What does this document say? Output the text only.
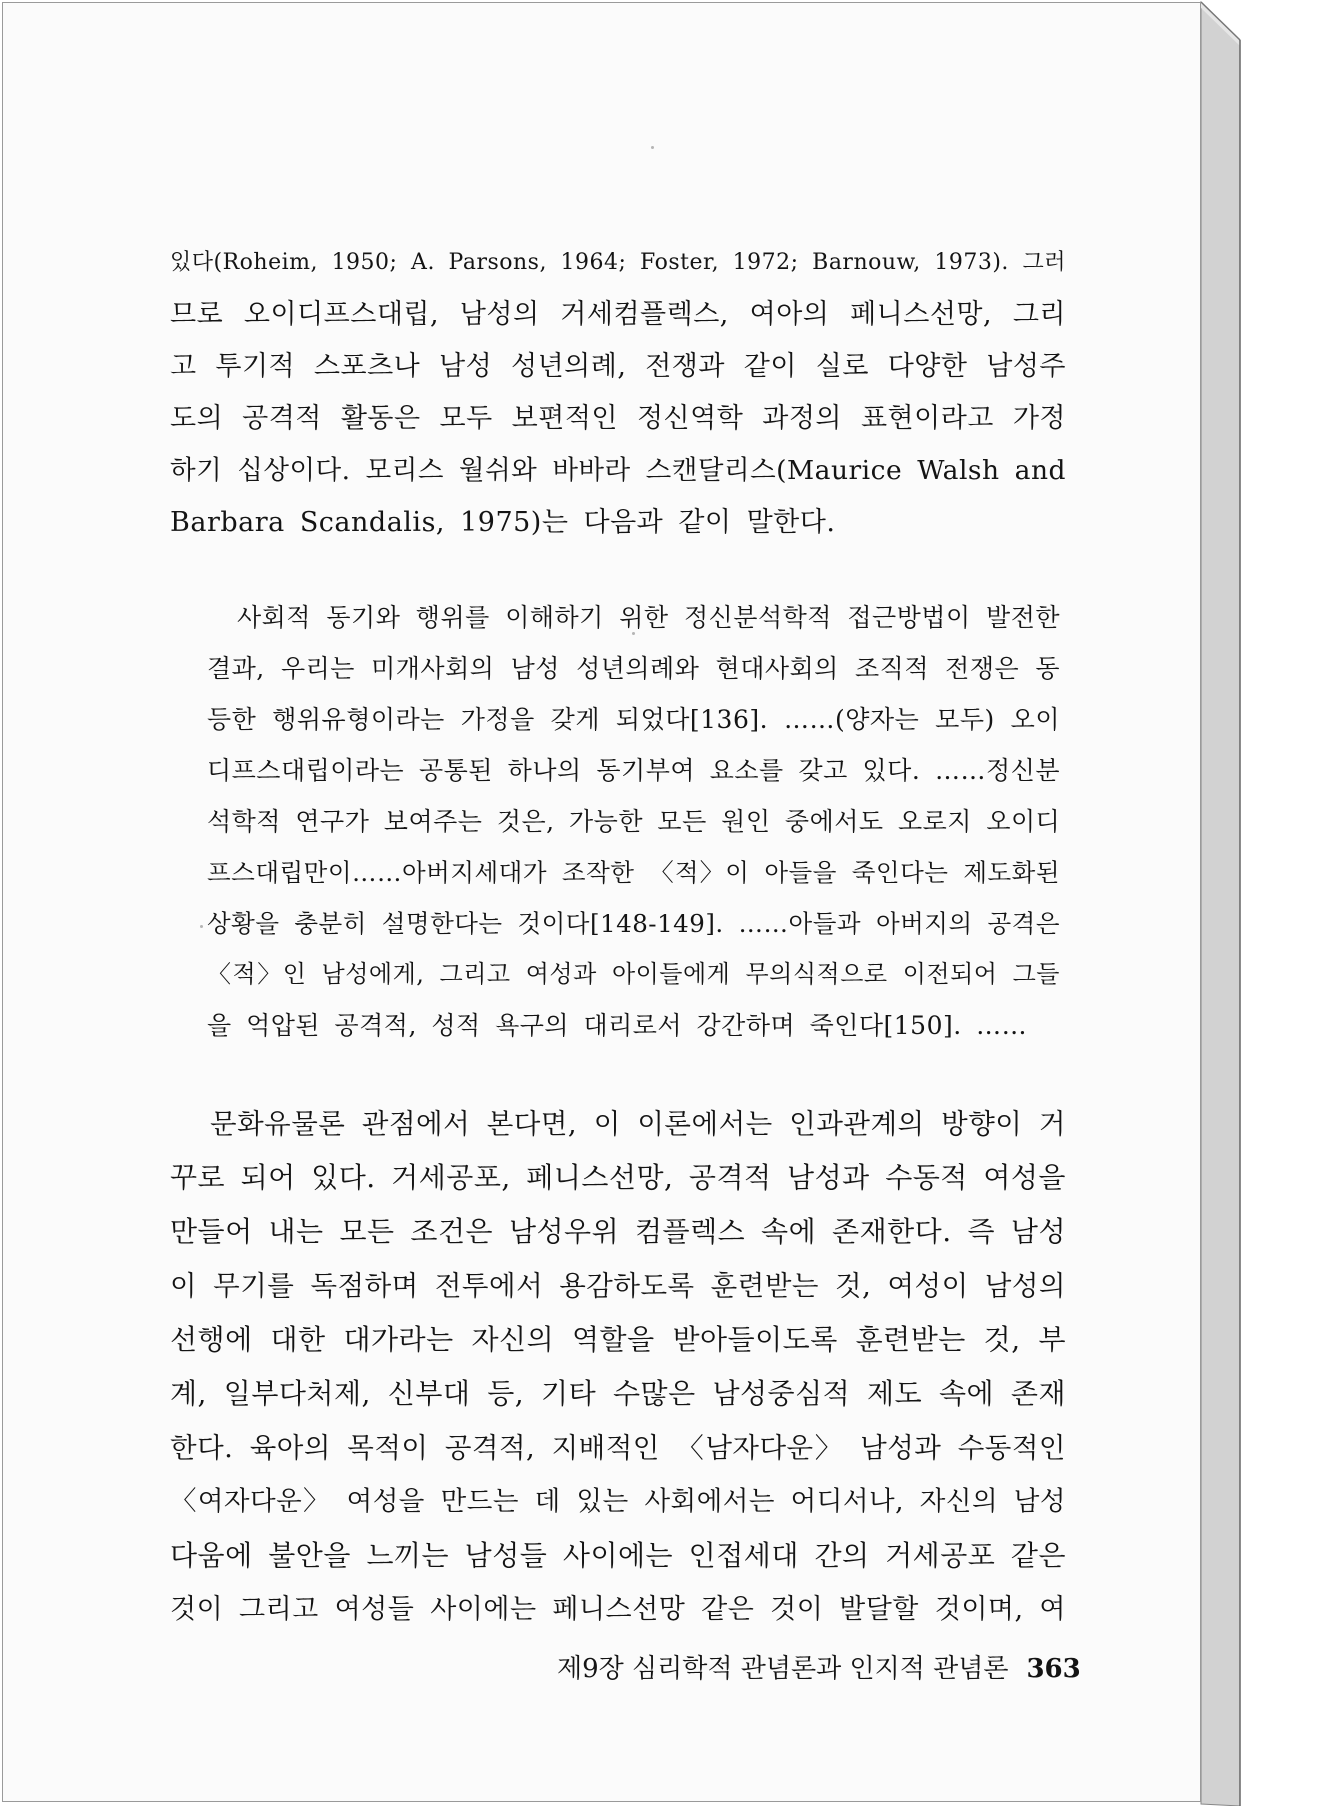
있다(Roheim, 1950; A. Parsons, 1964; Foster, 1972; Barnouw, 1973). 그러
므로 오이디프스대립, 남성의 거세컴플렉스, 여아의 페니스선망, 그리
고 투기적 스포츠나 남성 성년의례, 전쟁과 같이 실로 다양한 남성주
도의 공격적 활동은 모두 보편적인 정신역학 과정의 표현이라고 가정
하기 십상이다. 모리스 월쉬와 바바라 스캔달리스(Maurice Walsh and
Barbara Scandalis, 1975)는 다음과 같이 말한다.
사회적 동기와 행위를 이해하기 위한 정신분석학적 접근방법이 발전한
결과, 우리는 미개사회의 남성 성년의례와 현대사회의 조직적 전쟁은 동
등한 행위유형이라는 가정을 갖게 되었다[136]. ……(양자는 모두) 오이
디프스대립이라는 공통된 하나의 동기부여 요소를 갖고 있다. ……정신분
석학적 연구가 보여주는 것은, 가능한 모든 원인 중에서도 오로지 오이디
프스대립만이……아버지세대가 조작한 〈적〉이 아들을 죽인다는 제도화된
상황을 충분히 설명한다는 것이다[148-149]. ……아들과 아버지의 공격은
〈적〉인 남성에게, 그리고 여성과 아이들에게 무의식적으로 이전되어 그들
을 억압된 공격적, 성적 욕구의 대리로서 강간하며 죽인다[150]. ……
문화유물론 관점에서 본다면, 이 이론에서는 인과관계의 방향이 거
꾸로 되어 있다. 거세공포, 페니스선망, 공격적 남성과 수동적 여성을
만들어 내는 모든 조건은 남성우위 컴플렉스 속에 존재한다. 즉 남성
이 무기를 독점하며 전투에서 용감하도록 훈련받는 것, 여성이 남성의
선행에 대한 대가라는 자신의 역할을 받아들이도록 훈련받는 것, 부
계, 일부다처제, 신부대 등, 기타 수많은 남성중심적 제도 속에 존재
한다. 육아의 목적이 공격적, 지배적인 〈남자다운〉 남성과 수동적인
〈여자다운〉 여성을 만드는 데 있는 사회에서는 어디서나, 자신의 남성
다움에 불안을 느끼는 남성들 사이에는 인접세대 간의 거세공포 같은
것이 그리고 여성들 사이에는 페니스선망 같은 것이 발달할 것이며, 여
제9장 심리학적 관념론과 인지적 관념론 363
